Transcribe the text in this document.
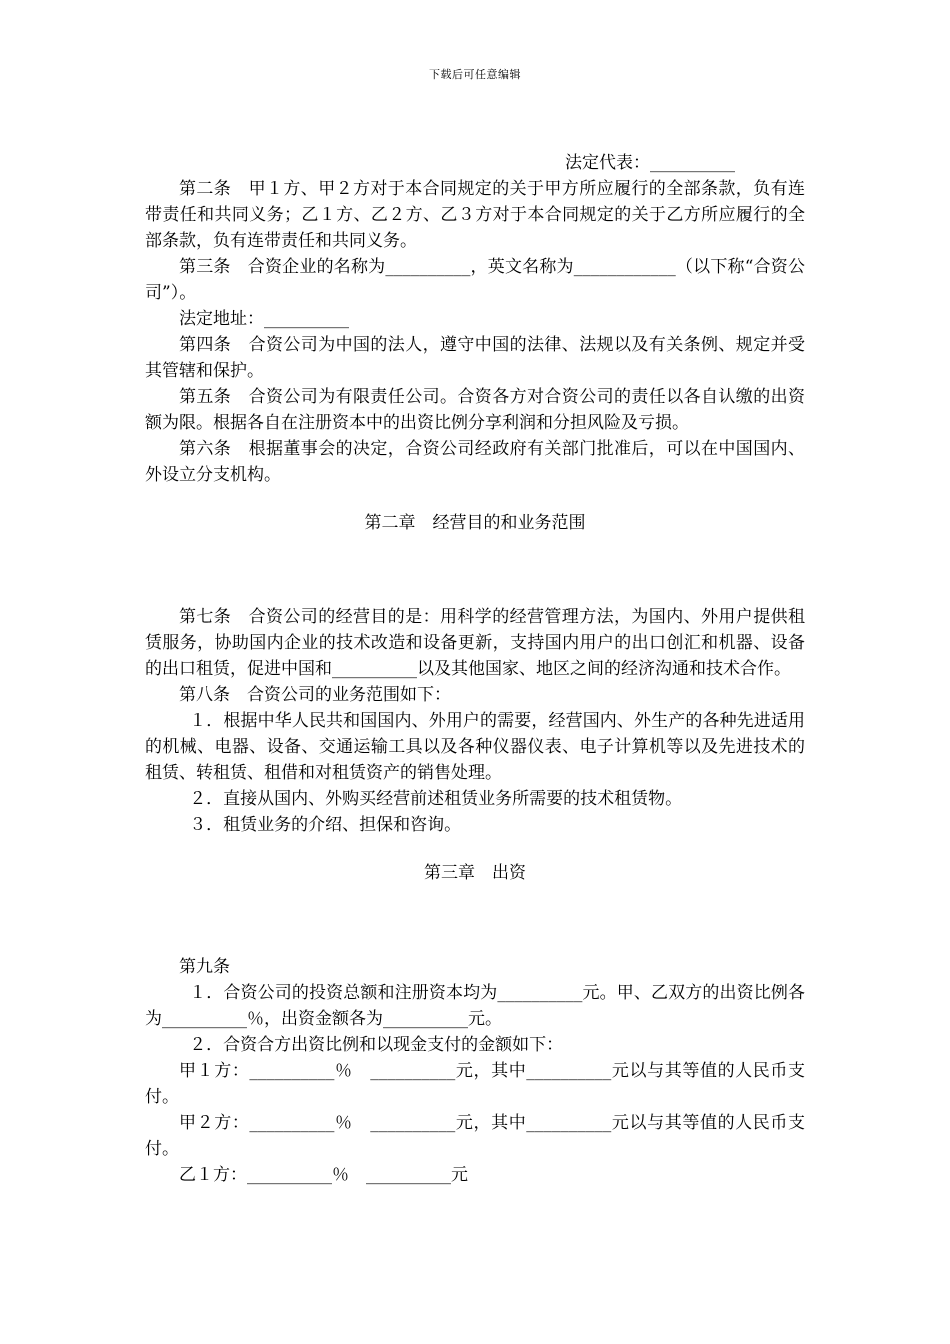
下载后可任意编辑

法定代表：__________

第二条　甲１方、甲２方对于本合同规定的关于甲方所应履行的全部条款，负有连带责任和共同义务；乙１方、乙２方、乙３方对于本合同规定的关于乙方所应履行的全部条款，负有连带责任和共同义务。

第三条　合资企业的名称为__________，英文名称为____________（以下称“合资公司”）。

法定地址：__________

第四条　合资公司为中国的法人，遵守中国的法律、法规以及有关条例、规定并受其管辖和保护。

第五条　合资公司为有限责任公司。合资各方对合资公司的责任以各自认缴的出资额为限。根据各自在注册资本中的出资比例分享利润和分担风险及亏损。

第六条　根据董事会的决定，合资公司经政府有关部门批准后，可以在中国国内、外设立分支机构。

第二章　经营目的和业务范围

第七条　合资公司的经营目的是：用科学的经营管理方法，为国内、外用户提供租赁服务，协助国内企业的技术改造和设备更新，支持国内用户的出口创汇和机器、设备的出口租赁，促进中国和__________以及其他国家、地区之间的经济沟通和技术合作。

第八条　合资公司的业务范围如下：

１．根据中华人民共和国国内、外用户的需要，经营国内、外生产的各种先进适用的机械、电器、设备、交通运输工具以及各种仪器仪表、电子计算机等以及先进技术的租赁、转租赁、租借和对租赁资产的销售处理。

２．直接从国内、外购买经营前述租赁业务所需要的技术租赁物。

３．租赁业务的介绍、担保和咨询。

第三章　出资

第九条

１．合资公司的投资总额和注册资本均为__________元。甲、乙双方的出资比例各为__________％，出资金额各为__________元。

２．合资合方出资比例和以现金支付的金额如下：

甲１方：__________％　__________元，其中__________元以与其等值的人民币支付。

甲２方：__________％　__________元，其中__________元以与其等值的人民币支付。

乙１方：__________％　__________元
